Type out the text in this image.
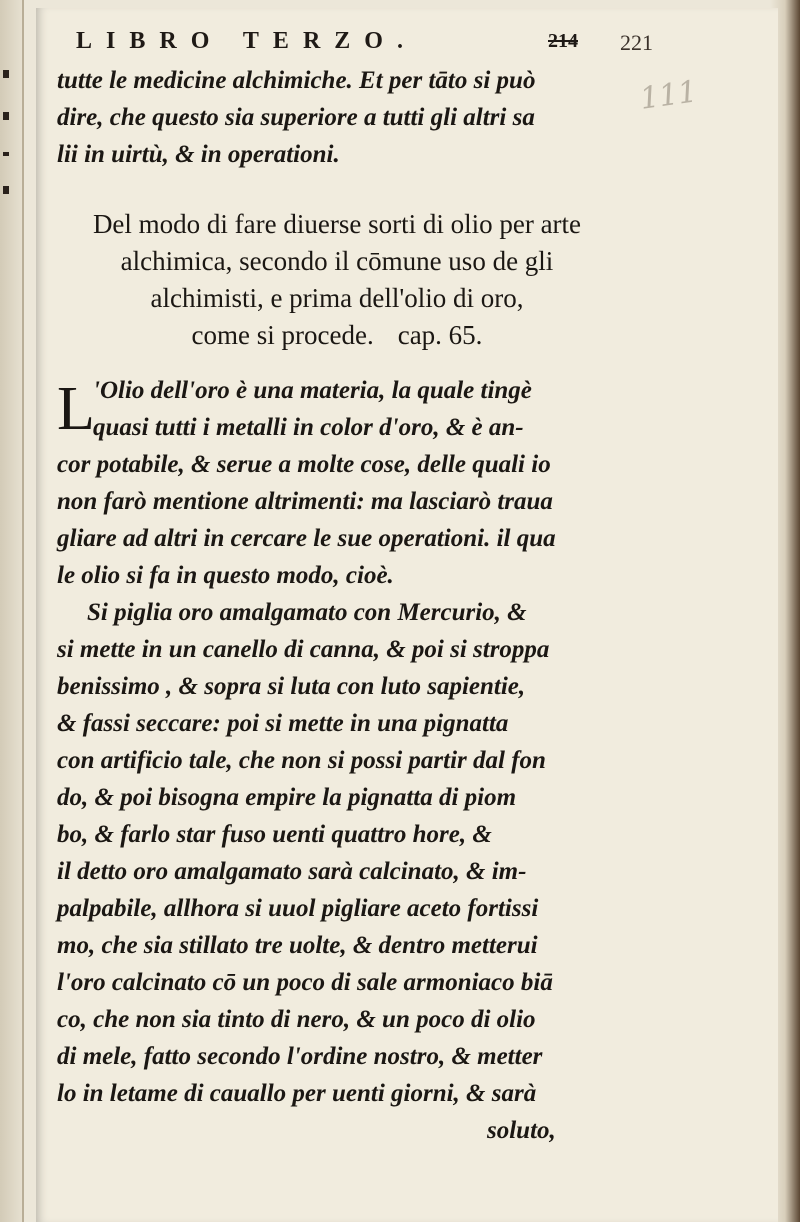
LIBRO TERZO.	214 221
111
tutte le medicine alchimiche. Et per tāto si può
dire, che questo sia superiore a tutti gli altri sa
lii in uirtù, & in operationi.
Del modo di fare diuerse sorti di olio per arte
alchimica, secondo il cōmune uso de gli
alchimisti, e prima dell'olio di oro,
come si procede. cap. 65.
L
'Olio dell'oro è una materia, la quale tingè
quasi tutti i metalli in color d'oro, & è an-
cor potabile, & serue a molte cose, delle quali io
non farò mentione altrimenti: ma lasciarò traua
gliare ad altri in cercare le sue operationi. il qua
le olio si fa in questo modo, cioè.
Si piglia oro amalgamato con Mercurio, &
si mette in un canello di canna, & poi si stroppa
benissimo , & sopra si luta con luto sapientie,
& fassi seccare: poi si mette in una pignatta
con artificio tale, che non si possi partir dal fon
do, & poi bisogna empire la pignatta di piom
bo, & farlo star fuso uenti quattro hore, &
il detto oro amalgamato sarà calcinato, & im-
palpabile, allhora si uuol pigliare aceto fortissi
mo, che sia stillato tre uolte, & dentro metterui
l'oro calcinato cō un poco di sale armoniaco biā
co, che non sia tinto di nero, & un poco di olio
di mele, fatto secondo l'ordine nostro, & metter
lo in letame di cauallo per uenti giorni, & sarà
soluto,
